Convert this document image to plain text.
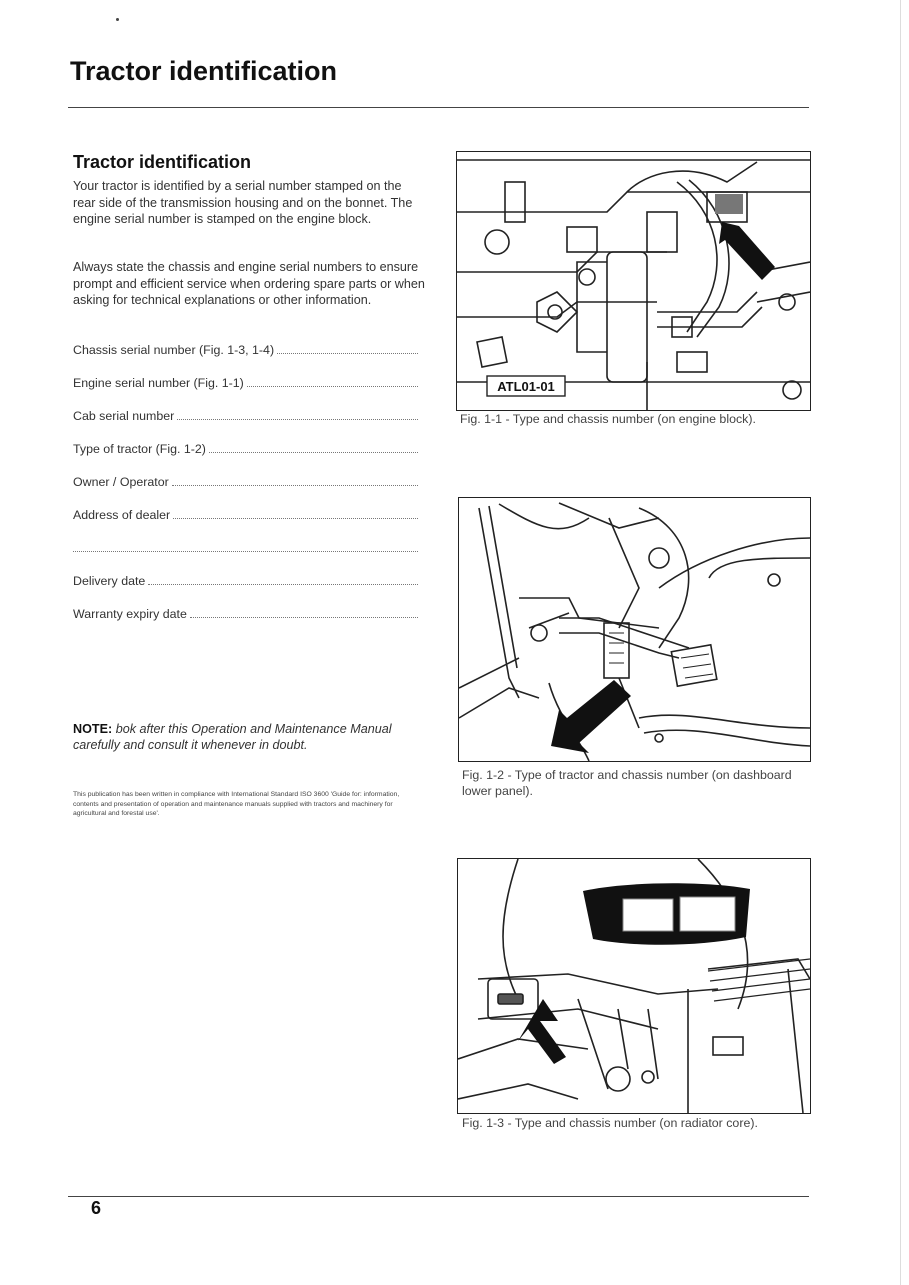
Tractor identification
Tractor identification
Your tractor is identified by a serial number stamped on the rear side of the transmission housing and on the bonnet. The engine serial number is stamped on the engine block.
Always state the chassis and engine serial numbers to ensure prompt and efficient service when ordering spare parts or when asking for technical explanations or other information.
Chassis serial number (Fig. 1-3, 1-4)
Engine serial number (Fig. 1-1)
Cab serial number
Type of tractor (Fig. 1-2)
Owner / Operator
Address of dealer
Delivery date
Warranty expiry date
NOTE: bok after this Operation and Maintenance Manual carefully and consult it whenever in doubt.
This publication has been written in compliance with International Standard ISO 3600 'Guide for: information, contents and presentation of operation and maintenance manuals supplied with tractors and machinery for agricultural and forestal use'.
ATL01-01
Fig. 1-1 - Type and chassis number (on engine block).
Fig. 1-2 - Type of tractor and chassis number (on dashboard lower panel).
Fig. 1-3 - Type and chassis number (on radiator core).
6
